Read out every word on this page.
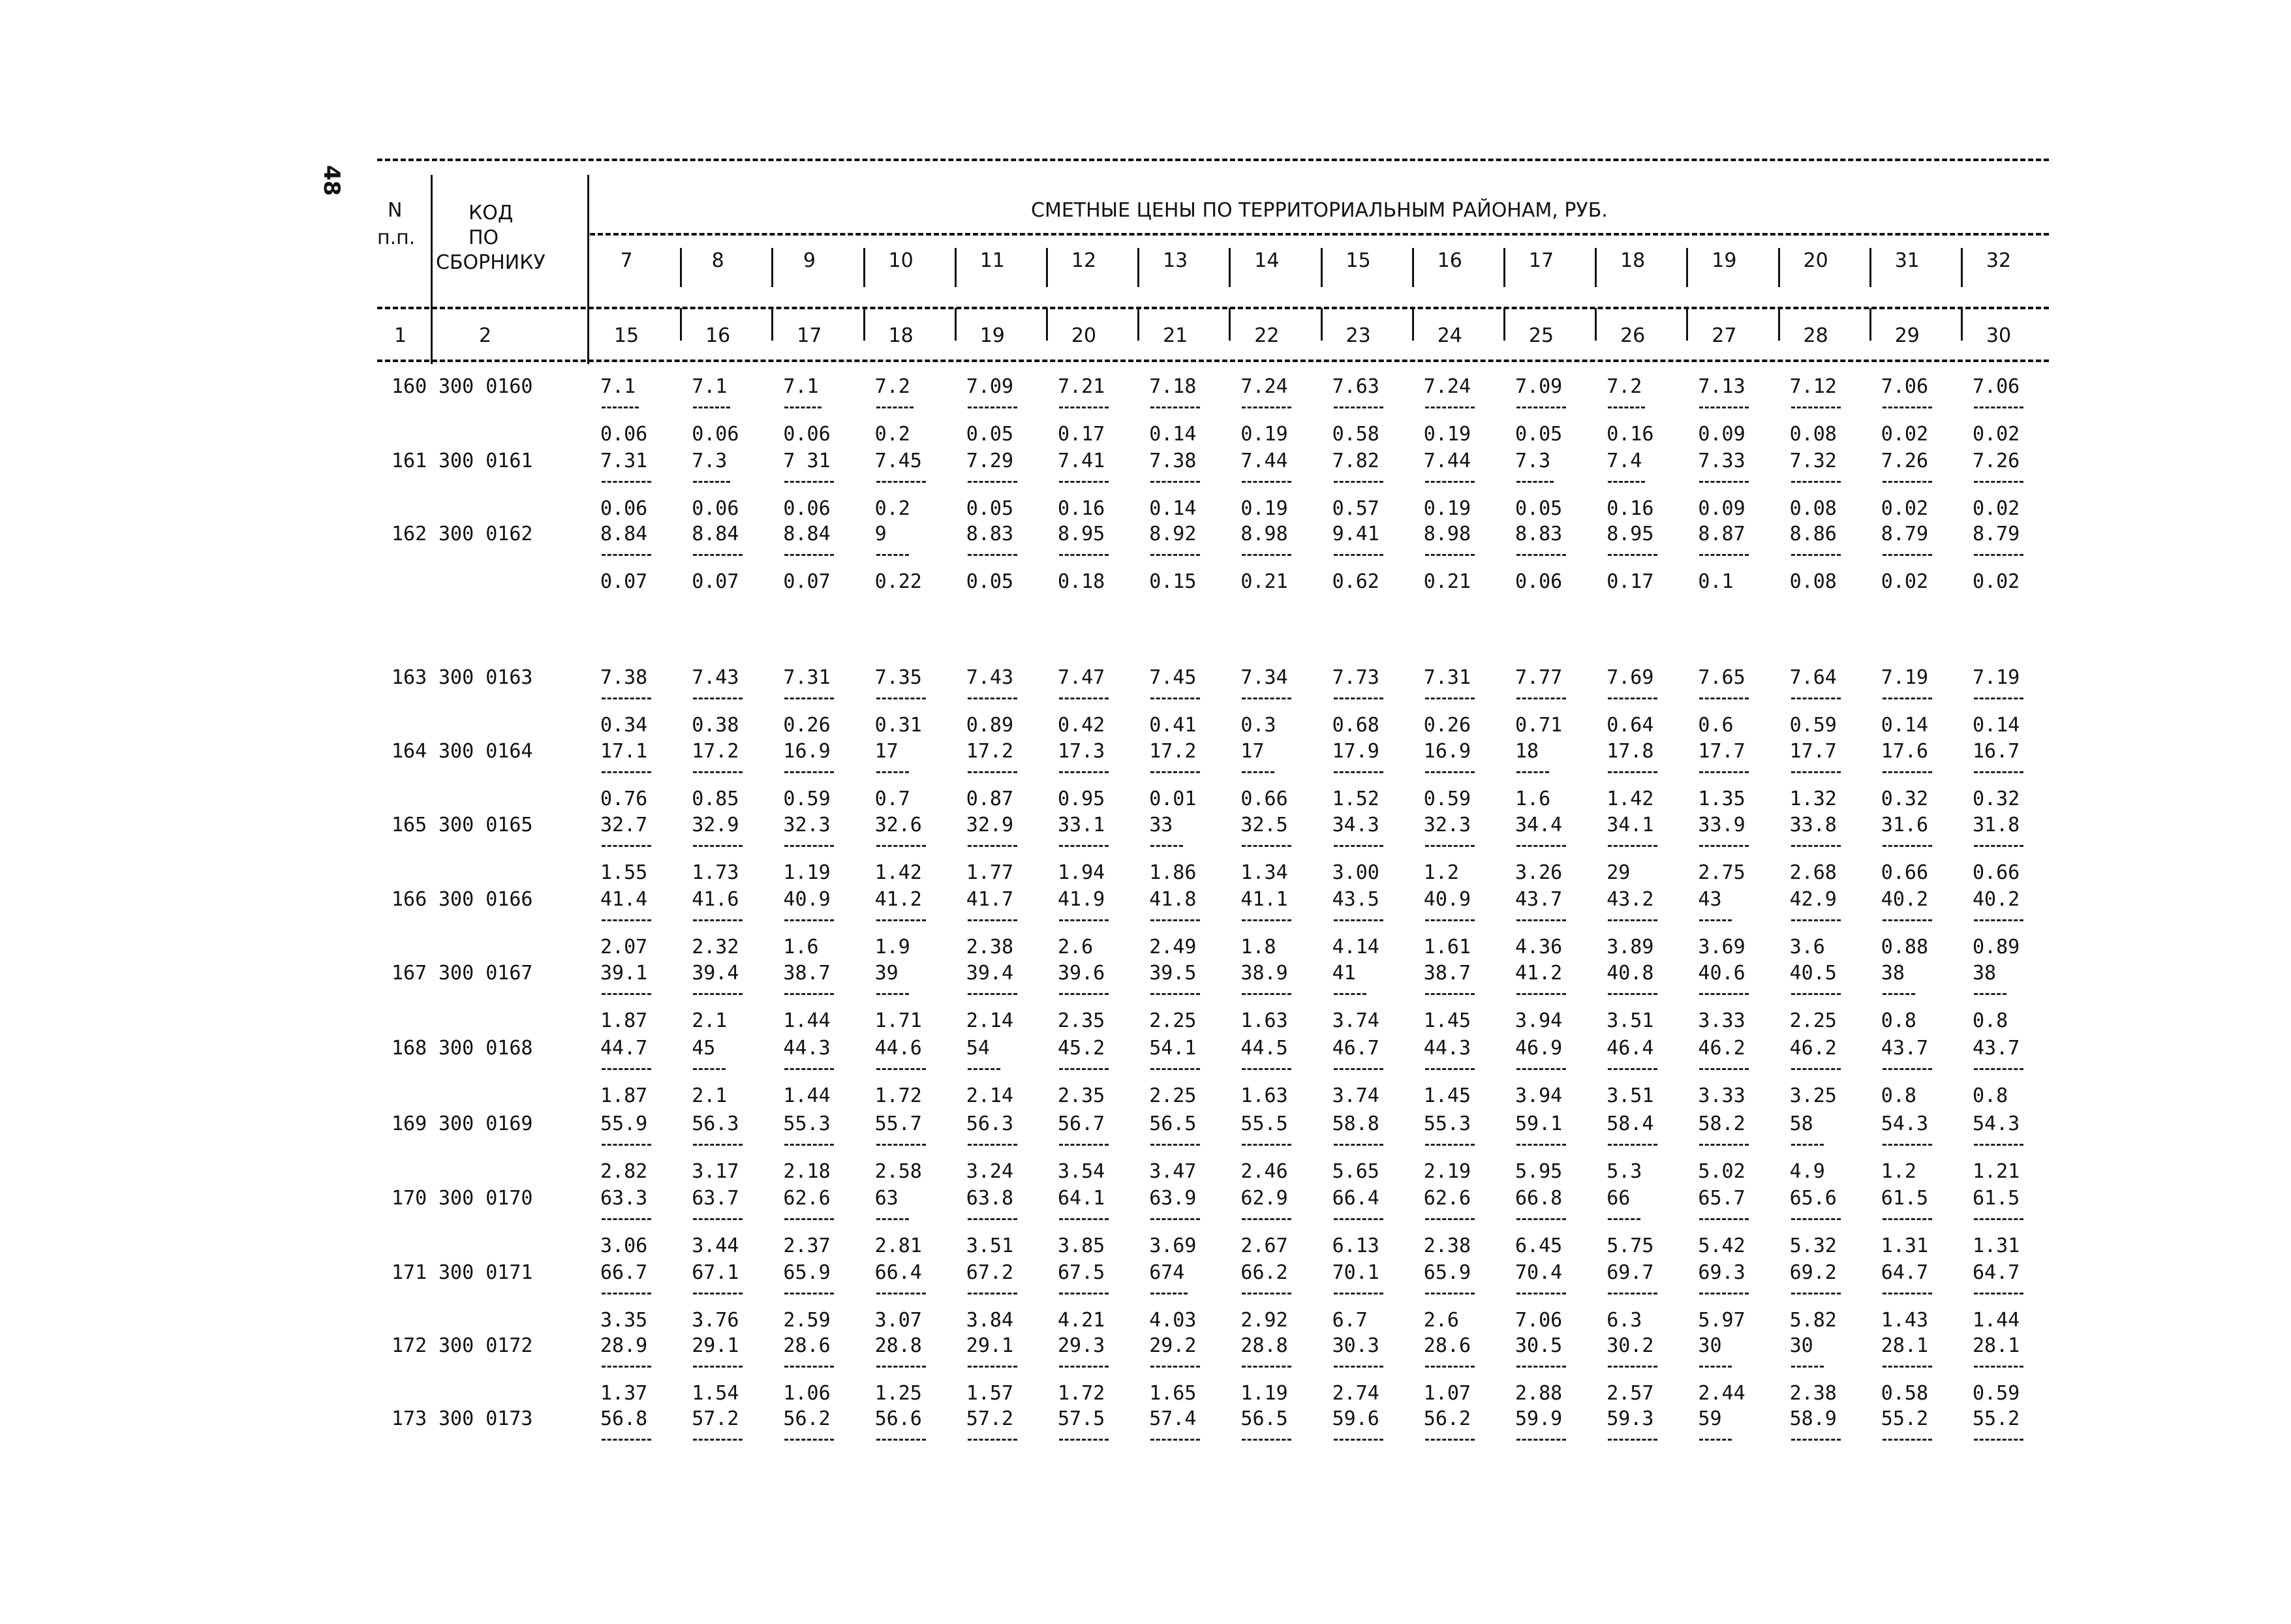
48
N
п.п.
КОД
ПО
СБОРНИКУ
СМЕТНЫЕ ЦЕНЫ ПО ТЕРРИТОРИАЛЬНЫМ РАЙОНАМ, РУБ.
7	8	9	10	11	12	13	14	15	16	17	18	19	20	31	32
1	2	15	16	17	18	19	20	21	22	23	24	25	26	27	28	29	30
160 300 0160	7.1	7.1	7.1	7.2	7.09 7.21 7.18 7.24 7.63 7.24 7.09 7.2	7.13 7.12 7.06 7.06
0.06 0.06 0.06 0.2	0.05 0.17 0.14 0.19 0.58 0.19 0.05 0.16 0.09 0.08 0.02 0.02
161 300 0161	7.31 7.3	7 31 7.45 7.29 7.41 7.38 7.44 7.82 7.44 7.3	7.4	7.33 7.32 7.26 7.26
0.06 0.06 0.06 0.2	0.05 0.16 0.14 0.19 0.57 0.19 0.05 0.16 0.09 0.08 0.02 0.02
162 300 0162	8.84 8.84 8.84 9	8.83 8.95 8.92 8.98 9.41 8.98 8.83 8.95 8.87 8.86 8.79 8.79
0.07 0.07 0.07 0.22 0.05 0.18 0.15 0.21 0.62 0.21 0.06 0.17 0.1	0.08 0.02 0.02
163 300 0163	7.38 7.43 7.31 7.35 7.43 7.47 7.45 7.34 7.73 7.31 7.77 7.69 7.65 7.64 7.19 7.19
0.34 0.38 0.26 0.31 0.89 0.42 0.41 0.3	0.68 0.26 0.71 0.64 0.6	0.59 0.14 0.14
164 300 0164	17.1 17.2 16.9 17	17.2 17.3 17.2 17	17.9 16.9 18	17.8 17.7 17.7 17.6 16.7
0.76 0.85 0.59 0.7	0.87 0.95 0.01 0.66 1.52 0.59 1.6	1.42 1.35 1.32 0.32 0.32
165 300 0165	32.7 32.9 32.3 32.6 32.9 33.1 33	32.5 34.3 32.3 34.4 34.1 33.9 33.8 31.6 31.8
1.55 1.73 1.19 1.42 1.77 1.94 1.86 1.34 3.00 1.2	3.26 29	2.75 2.68 0.66 0.66
166 300 0166	41.4 41.6 40.9 41.2 41.7 41.9 41.8 41.1 43.5 40.9 43.7 43.2 43	42.9 40.2 40.2
2.07 2.32 1.6	1.9	2.38 2.6	2.49 1.8	4.14 1.61 4.36 3.89 3.69 3.6	0.88 0.89
167 300 0167	39.1 39.4 38.7 39	39.4 39.6 39.5 38.9 41	38.7 41.2 40.8 40.6 40.5 38	38
1.87 2.1	1.44 1.71 2.14 2.35 2.25 1.63 3.74 1.45 3.94 3.51 3.33 2.25 0.8	0.8
168 300 0168	44.7 45	44.3 44.6 54	45.2 54.1 44.5 46.7 44.3 46.9 46.4 46.2 46.2 43.7 43.7
1.87 2.1	1.44 1.72 2.14 2.35 2.25 1.63 3.74 1.45 3.94 3.51 3.33 3.25 0.8	0.8
169 300 0169	55.9 56.3 55.3 55.7 56.3 56.7 56.5 55.5 58.8 55.3 59.1 58.4 58.2 58	54.3 54.3
2.82 3.17 2.18 2.58 3.24 3.54 3.47 2.46 5.65 2.19 5.95 5.3	5.02 4.9	1.2	1.21
170 300 0170	63.3 63.7 62.6 63	63.8 64.1 63.9 62.9 66.4 62.6 66.8 66	65.7 65.6 61.5 61.5
3.06 3.44 2.37 2.81 3.51 3.85 3.69 2.67 6.13 2.38 6.45 5.75 5.42 5.32 1.31 1.31
171 300 0171	66.7 67.1 65.9 66.4 67.2 67.5 674	66.2 70.1 65.9 70.4 69.7 69.3 69.2 64.7 64.7
3.35 3.76 2.59 3.07 3.84 4.21 4.03 2.92 6.7	2.6	7.06 6.3	5.97 5.82 1.43 1.44
172 300 0172	28.9 29.1 28.6 28.8 29.1 29.3 29.2 28.8 30.3 28.6 30.5 30.2 30	30	28.1 28.1
1.37 1.54 1.06 1.25 1.57 1.72 1.65 1.19 2.74 1.07 2.88 2.57 2.44 2.38 0.58 0.59
173 300 0173	56.8 57.2 56.2 56.6 57.2 57.5 57.4 56.5 59.6 56.2 59.9 59.3 59	58.9 55.2 55.2
